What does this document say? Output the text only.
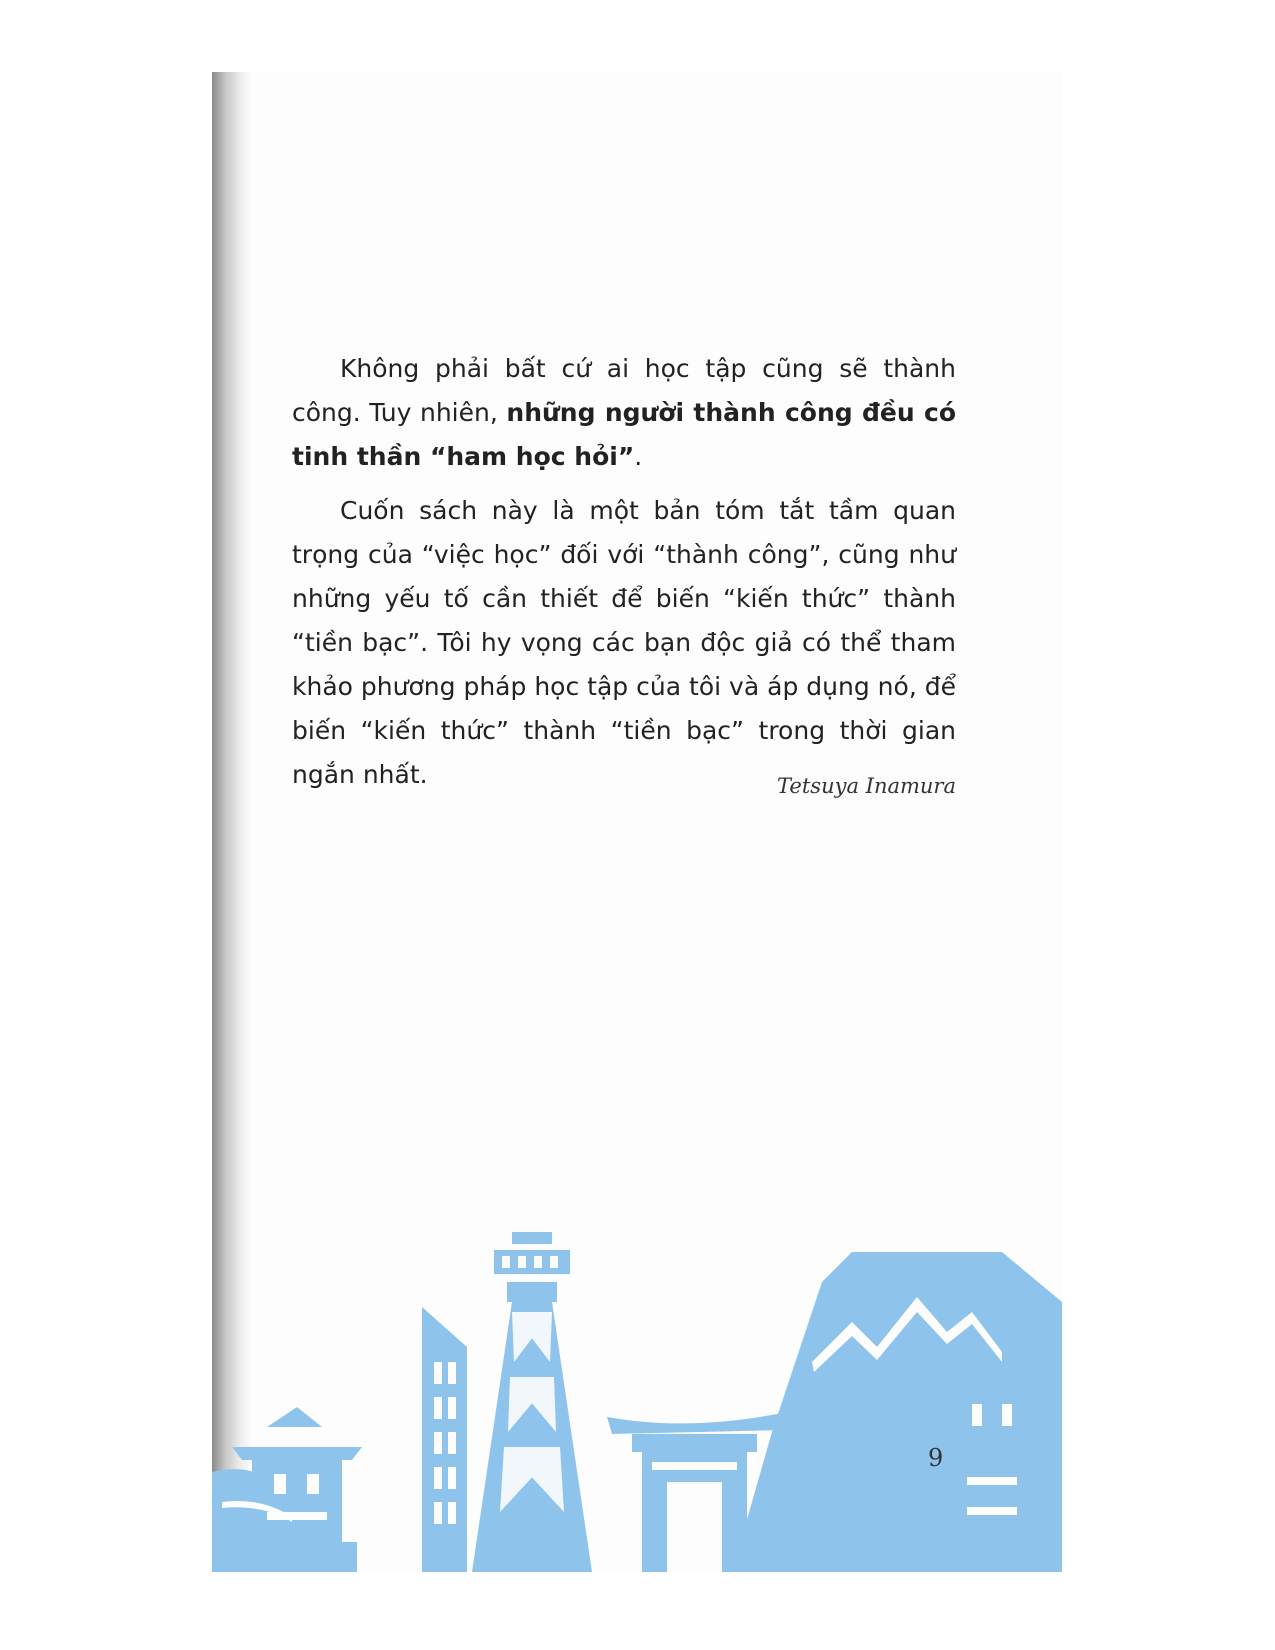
Không phải bất cứ ai học tập cũng sẽ thành công. Tuy nhiên, những người thành công đều có tinh thần “ham học hỏi”.

Cuốn sách này là một bản tóm tắt tầm quan trọng của “việc học” đối với “thành công”, cũng như những yếu tố cần thiết để biến “kiến thức” thành “tiền bạc”. Tôi hy vọng các bạn độc giả có thể tham khảo phương pháp học tập của tôi và áp dụng nó, để biến “kiến thức” thành “tiền bạc” trong thời gian ngắn nhất.	Tetsuya Inamura
9
